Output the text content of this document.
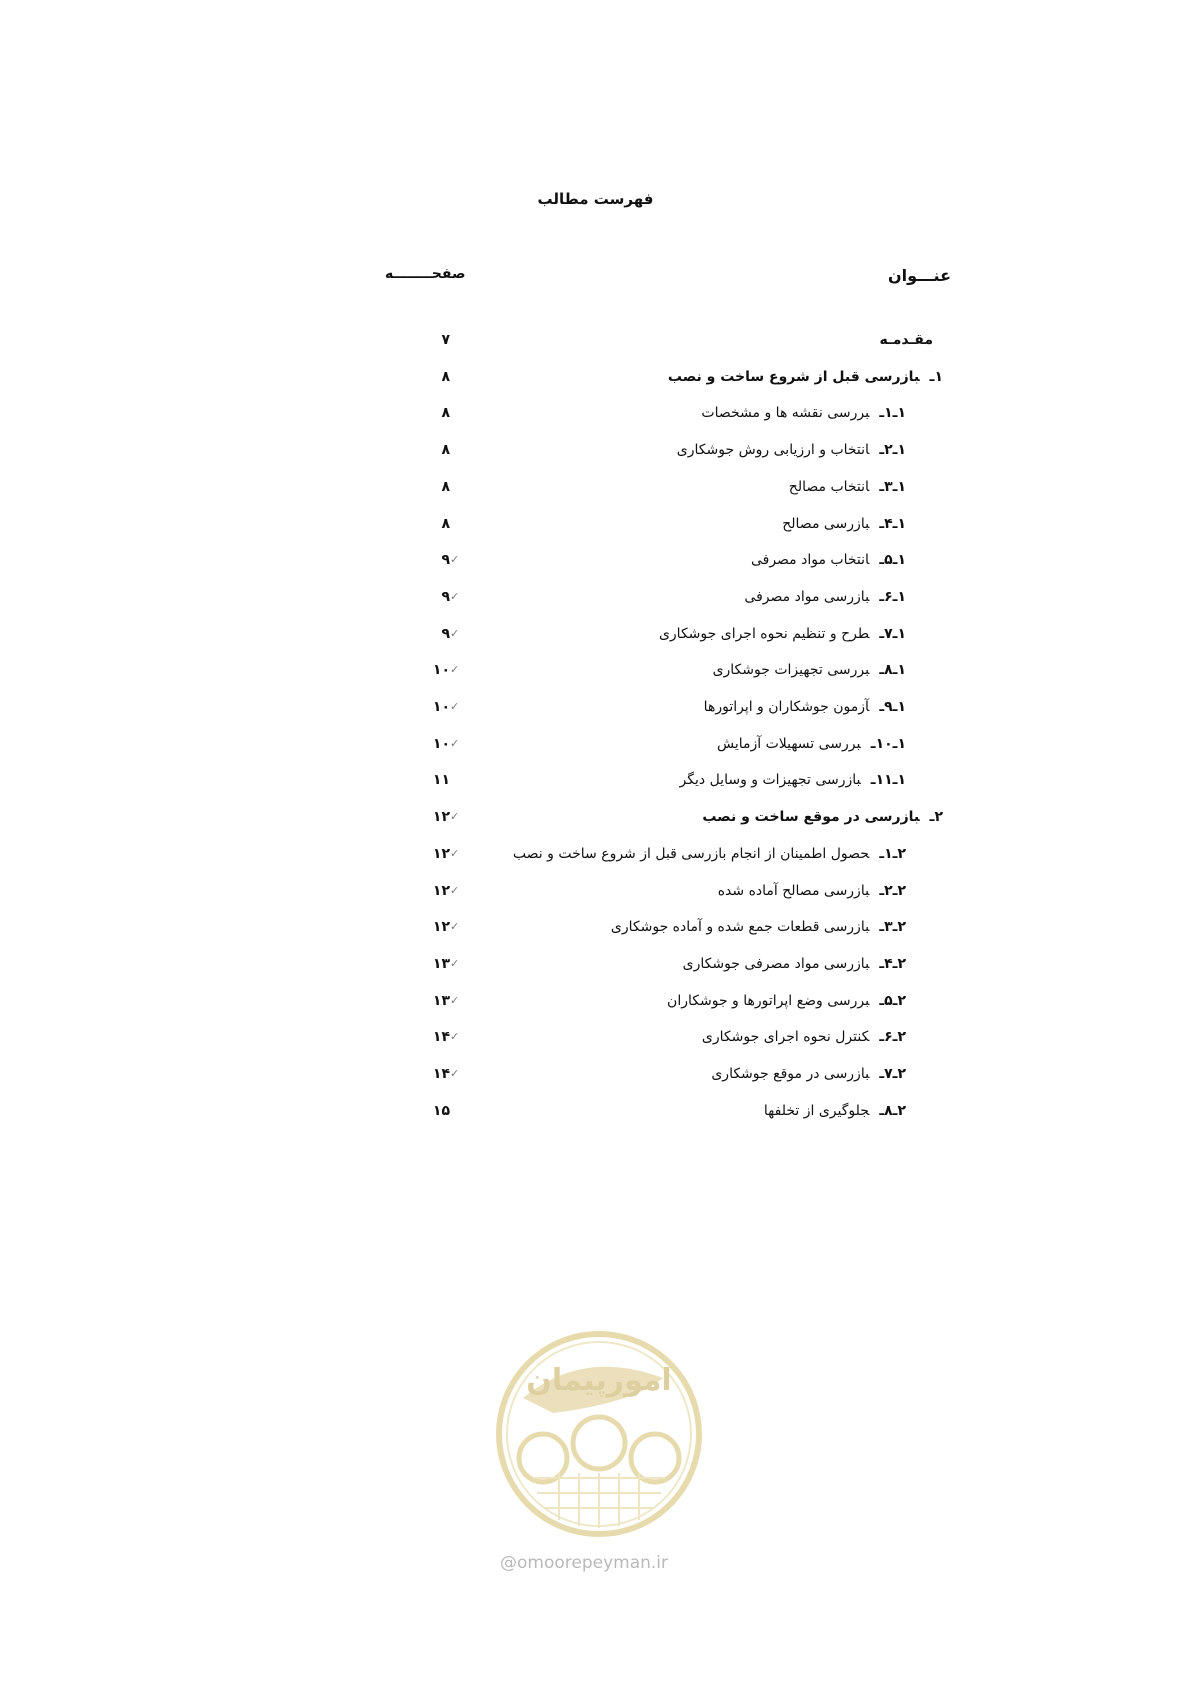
فهرست مطالب
عنـــوان
صفحــــــــه
مقـدمـه
۷
۱ـبازرسی قبل از شروع ساخت و نصب
۸
۱ـ۱ـبررسی نقشه ها و مشخصات
۸
۱ـ۲ـانتخاب و ارزیابی روش جوشکاری
۸
۱ـ۳ـانتخاب مصالح
۸
۱ـ۴ـبازرسی مصالح
۸
۱ـ۵ـانتخاب مواد مصرفی
۹ ✓
۱ـ۶ـبازرسی مواد مصرفی
۹ ✓
۱ـ۷ـطرح و تنظیم نحوه اجرای جوشکاری
۹ ✓
۱ـ۸ـبررسی تجهیزات جوشکاری
۱۰ ✓
۱ـ۹ـآزمون جوشکاران و اپراتورها
۱۰ ✓
۱ـ۱۰ـبررسی تسهیلات آزمایش
۱۰ ✓
۱ـ۱۱ـبازرسی تجهیزات و وسایل دیگر
۱۱
۲ـبازرسی در موقع ساخت و نصب
۱۲ ✓
۲ـ۱ـحصول اطمینان از انجام بازرسی قبل از شروع ساخت و نصب
۱۲ ✓
۲ـ۲ـبازرسی مصالح آماده شده
۱۲ ✓
۲ـ۳ـبازرسی قطعات جمع شده و آماده جوشکاری
۱۲ ✓
۲ـ۴ـبازرسی مواد مصرفی جوشکاری
۱۳ ✓
۲ـ۵ـبررسی وضع اپراتورها و جوشکاران
۱۳ ✓
۲ـ۶ـکنترل نحوه اجرای جوشکاری
۱۴ ✓
۲ـ۷ـبازرسی در موقع جوشکاری
۱۴ ✓
۲ـ۸ـجلوگیری از تخلفها
۱۵
امورپیمان
@omoorepeyman.ir
